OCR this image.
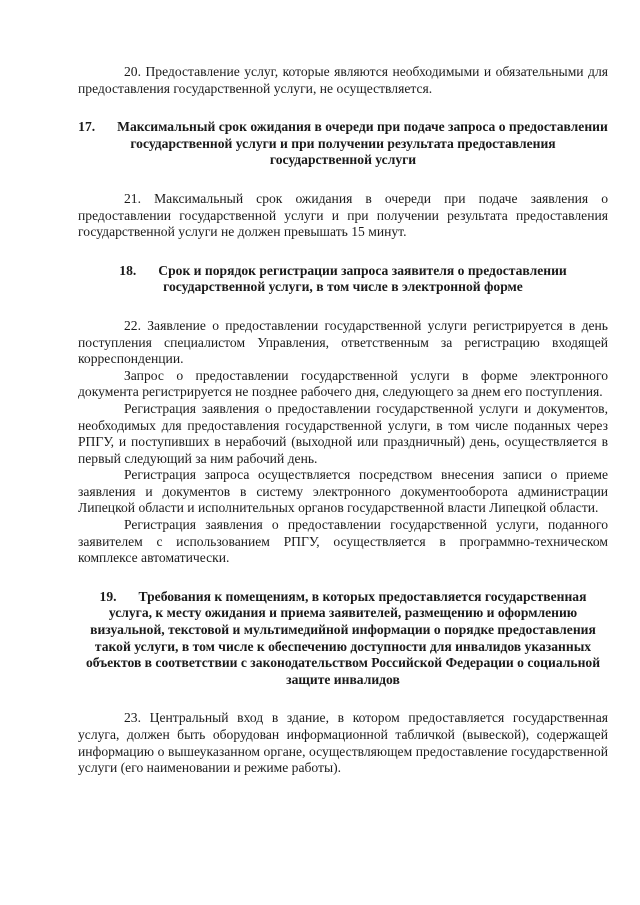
20. Предоставление услуг, которые являются необходимыми и обязательными для предоставления государственной услуги, не осуществляется.

17. Максимальный срок ожидания в очереди при подаче запроса о предоставлении государственной услуги и при получении результата предоставления государственной услуги

21. Максимальный срок ожидания в очереди при подаче заявления о предоставлении государственной услуги и при получении результата предоставления государственной услуги не должен превышать 15 минут.

18. Срок и порядок регистрации запроса заявителя о предоставлении государственной услуги, в том числе в электронной форме

22. Заявление о предоставлении государственной услуги регистрируется в день поступления специалистом Управления, ответственным за регистрацию входящей корреспонденции.

Запрос о предоставлении государственной услуги в форме электронного документа регистрируется не позднее рабочего дня, следующего за днем его поступления.

Регистрация заявления о предоставлении государственной услуги и документов, необходимых для предоставления государственной услуги, в том числе поданных через РПГУ, и поступивших в нерабочий (выходной или праздничный) день, осуществляется в первый следующий за ним рабочий день.

Регистрация запроса осуществляется посредством внесения записи о приеме заявления и документов в систему электронного документооборота администрации Липецкой области и исполнительных органов государственной власти Липецкой области.

Регистрация заявления о предоставлении государственной услуги, поданного заявителем с использованием РПГУ, осуществляется в программно-техническом комплексе автоматически.

19. Требования к помещениям, в которых предоставляется государственная услуга, к месту ожидания и приема заявителей, размещению и оформлению визуальной, текстовой и мультимедийной информации о порядке предоставления такой услуги, в том числе к обеспечению доступности для инвалидов указанных объектов в соответствии с законодательством Российской Федерации о социальной защите инвалидов

23. Центральный вход в здание, в котором предоставляется государственная услуга, должен быть оборудован информационной табличкой (вывеской), содержащей информацию о вышеуказанном органе, осуществляющем предоставление государственной услуги (его наименовании и режиме работы).
